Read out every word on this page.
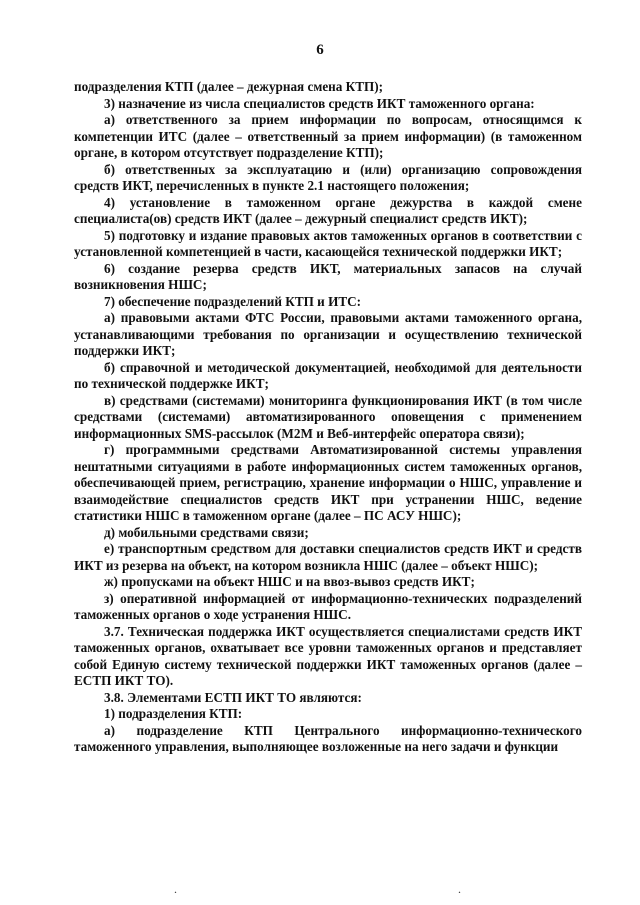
6

подразделения КТП (далее – дежурная смена КТП);

3) назначение из числа специалистов средств ИКТ таможенного органа:

а) ответственного за прием информации по вопросам, относящимся к компетенции ИТС (далее – ответственный за прием информации) (в таможенном органе, в котором отсутствует подразделение КТП);

б) ответственных за эксплуатацию и (или) организацию сопровождения средств ИКТ, перечисленных в пункте 2.1 настоящего положения;

4) установление в таможенном органе дежурства в каждой смене специалиста(ов) средств ИКТ (далее – дежурный специалист средств ИКТ);

5) подготовку и издание правовых актов таможенных органов в соответствии с установленной компетенцией в части, касающейся технической поддержки ИКТ;

6) создание резерва средств ИКТ, материальных запасов на случай возникновения НШС;

7) обеспечение подразделений КТП и ИТС:

а) правовыми актами ФТС России, правовыми актами таможенного органа, устанавливающими требования по организации и осуществлению технической поддержки ИКТ;

б) справочной и методической документацией, необходимой для деятельности по технической поддержке ИКТ;

в) средствами (системами) мониторинга функционирования ИКТ (в том числе средствами (системами) автоматизированного оповещения с применением информационных SMS-рассылок (M2M и Веб-интерфейс оператора связи);

г) программными средствами Автоматизированной системы управления нештатными ситуациями в работе информационных систем таможенных органов, обеспечивающей прием, регистрацию, хранение информации о НШС, управление и взаимодействие специалистов средств ИКТ при устранении НШС, ведение статистики НШС в таможенном органе (далее – ПС АСУ НШС);

д) мобильными средствами связи;

е) транспортным средством для доставки специалистов средств ИКТ и средств ИКТ из резерва на объект, на котором возникла НШС (далее – объект НШС);

ж) пропусками на объект НШС и на ввоз-вывоз средств ИКТ;

з) оперативной информацией от информационно-технических подразделений таможенных органов о ходе устранения НШС.

3.7. Техническая поддержка ИКТ осуществляется специалистами средств ИКТ таможенных органов, охватывает все уровни таможенных органов и представляет собой Единую систему технической поддержки ИКТ таможенных органов (далее – ЕСТП ИКТ ТО).

3.8. Элементами ЕСТП ИКТ ТО являются:

1) подразделения КТП:

а) подразделение КТП Центрального информационно-технического таможенного управления, выполняющее возложенные на него задачи и функции

.	.
